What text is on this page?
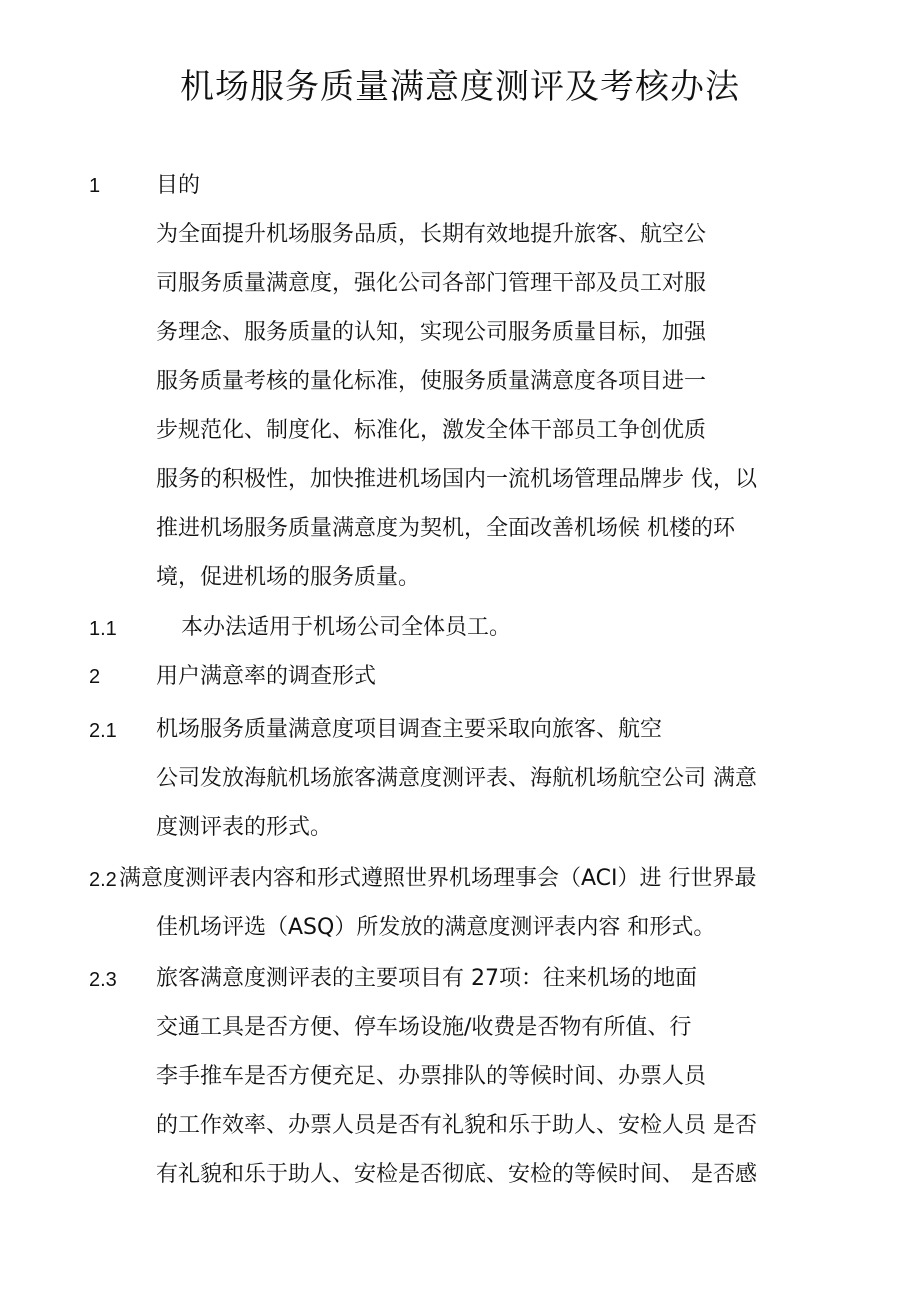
机场服务质量满意度测评及考核办法
1	目的
为全面提升机场服务品质，长期有效地提升旅客、航空公
司服务质量满意度，强化公司各部门管理干部及员工对服
务理念、服务质量的认知，实现公司服务质量目标，加强
服务质量考核的量化标准，使服务质量满意度各项目进一
步规范化、制度化、标准化，激发全体干部员工争创优质
服务的积极性，加快推进机场国内一流机场管理品牌步 伐，以
推进机场服务质量满意度为契机，全面改善机场候 机楼的环
境，促进机场的服务质量。
1.1	本办法适用于机场公司全体员工。
2	用户满意率的调查形式
2.1 机场服务质量满意度项目调查主要采取向旅客、航空
公司发放海航机场旅客满意度测评表、海航机场航空公司 满意
度测评表的形式。
2.2 满意度测评表内容和形式遵照世界机场理事会（ACI）进 行世界最
佳机场评选（ASQ）所发放的满意度测评表内容 和形式。
2.3 旅客满意度测评表的主要项目有 27项：往来机场的地面
交通工具是否方便、停车场设施/收费是否物有所值、行
李手推车是否方便充足、办票排队的等候时间、办票人员
的工作效率、办票人员是否有礼貌和乐于助人、安检人员 是否
有礼貌和乐于助人、安检是否彻底、安检的等候时间、 是否感
